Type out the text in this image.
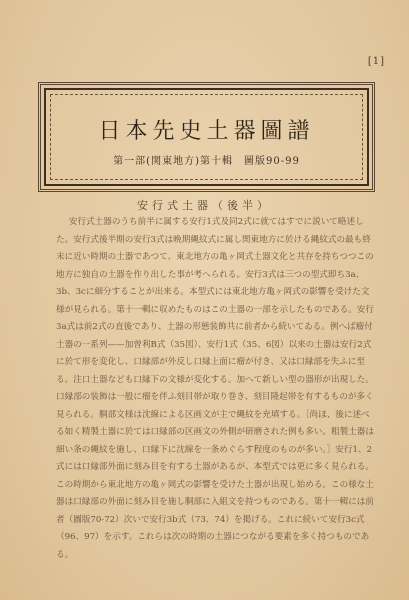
[1]
日本先史土器圖譜
第一部(関東地方)第十輯　圖版90-99
安行式土器（後半）

安行式土器のうち前半に属する安行1式及同2式に就てはすでに説いて略述した。安行式後半期の安行3式は晩期縄紋式に属し関東地方に於ける縄紋式の最も終末に近い時期の土器であつて、東北地方の亀ヶ岡式土器文化と共存を持ちつつこの地方に独自の土器を作り出した事が考へられる。安行3式は三つの型式即ち3a、3b、3cに細分することが出来る。本型式には東北地方亀ヶ岡式の影響を受けた文様が見られる。第十一輯に収めたものはこの土器の一部を示したものである。安行3a式は前2式の直後であり、土器の形態装飾共に前者から続いてゐる。例へば瘤付土器の一系列——加曽利B式（35図）、安行1式（35、6図）以来の土器は安行2式に於て形を変化し、口縁部が外反し口縁上面に瘤が付き、又は口縁部を失ふに至る。注口土器なども口縁下の文様が変化する。加へて新しい型の器形が出現した。口縁部の装飾は一般に瘤を伴ふ刻目帯が取り巻き、刻目隆起帯を有するものが多く見られる。胴部文様は沈線による区画文が主で縄紋を充填する。［尚ほ、後に述べる如く精製土器に於ては口縁部の区画文の外側が研磨された例も多い。粗製土器は細い条の縄紋を施し、口縁下に沈線を一条めぐらす程度のものが多い。］安行1、2式には口縁部外面に刻み目を有する土器があるが、本型式では更に多く見られる。この時期から東北地方の亀ヶ岡式の影響を受けた土器が出現し始める。この様な土器は口縁部の外面に刻み目を施し胴部に入組文を持つものである。第十一輯には前者（圖版70-72）次いで安行3b式（73、74）を掲げる。これに続いて安行3c式（96、97）を示す。これらは次の時期の土器につながる要素を多く持つものである。
